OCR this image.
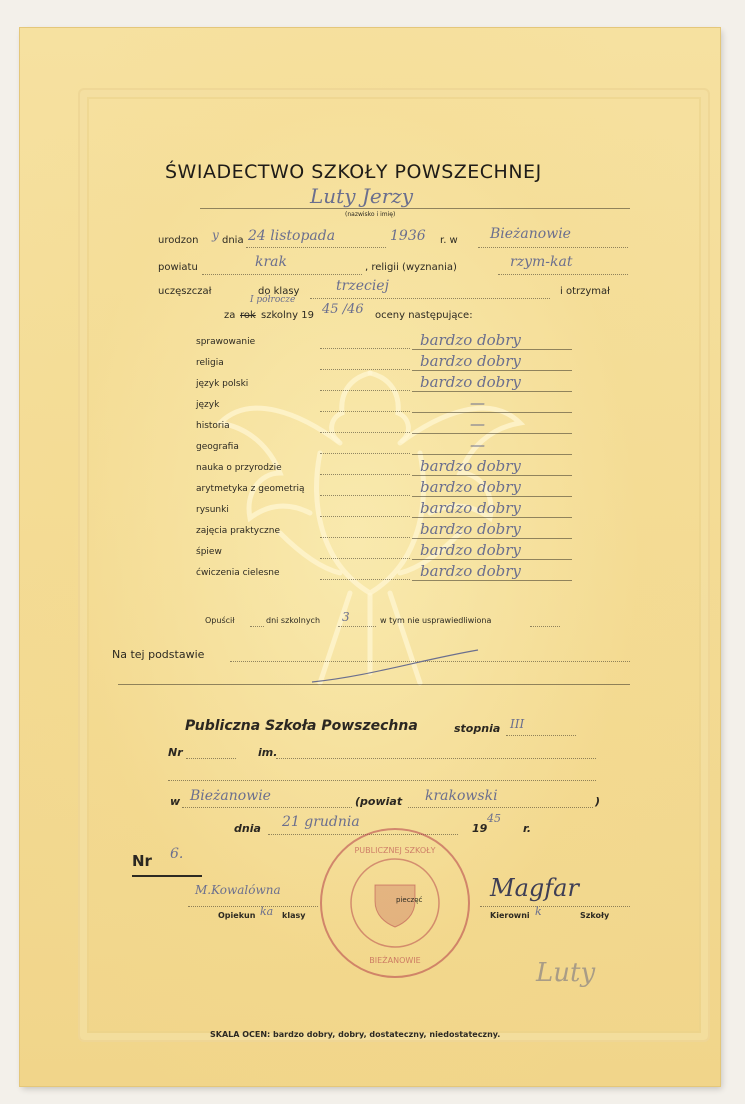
ŚWIADECTWO SZKOŁY POWSZECHNEJ
Luty Jerzy
(nazwisko i imię)
urodzon y dnia 24 listopada	1936 r. w Bieżanowie
powiatu	krak	, religii (wyznania)	rzym-kat
uczęszczał	do klasy	trzeciej	i otrzymał
za rok szkolny 19
I półrocze
45 /46 oceny następujące:
sprawowanie	bardzo dobry
religia	bardzo dobry
język polski	bardzo dobry
język	—
historia	—
geografia	—
nauka o przyrodzie	bardzo dobry
arytmetyka z geometrią	bardzo dobry
rysunki	bardzo dobry
zajęcia praktyczne	bardzo dobry
śpiew	bardzo dobry
ćwiczenia cielesne	bardzo dobry
Opuścił	dni szkolnych 3	w tym nie usprawiedliwiona
Na tej podstawie
Publiczna Szkoła Powszechna	stopnia III
Nr	im.
w Bieżanowie	(powiat krakowski	)
dnia 21 grudnia	19
45
r.
Nr 6.	PUBLICZNEJ SZKOŁY
BIEŻANOWIE
pieczęć
M.Kowalówna
Opiekun ka klasy
Magfar
Kierowni k	Szkoły
Luty
SKALA OCEN: bardzo dobry, dobry, dostateczny, niedostateczny.
